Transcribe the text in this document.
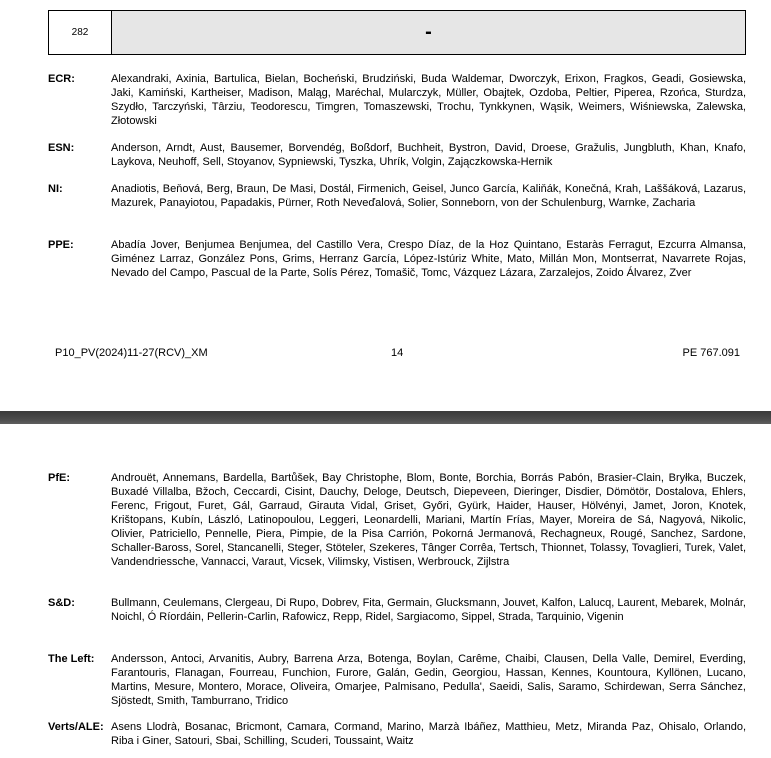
282	-
ECR:	Alexandraki, Axinia, Bartulica, Bielan, Bocheński, Brudziński, Buda Waldemar, Dworczyk, Erixon, Fragkos, Geadi, Gosiewska, Jaki, Kamiński, Kartheiser, Madison, Maląg, Maréchal, Mularczyk, Müller, Obajtek, Ozdoba, Peltier, Piperea, Rzońca, Sturdza, Szydło, Tarczyński, Târziu, Teodorescu, Timgren, Tomaszewski, Trochu, Tynkkynen, Wąsik, Weimers, Wiśniewska, Zalewska, Złotowski
ESN:	Anderson, Arndt, Aust, Bausemer, Borvendég, Boßdorf, Buchheit, Bystron, David, Droese, Gražulis, Jungbluth, Khan, Knafo, Laykova, Neuhoff, Sell, Stoyanov, Sypniewski, Tyszka, Uhrík, Volgin, Zajączkowska-Hernik
NI:	Anadiotis, Beňová, Berg, Braun, De Masi, Dostál, Firmenich, Geisel, Junco García, Kaliňák, Konečná, Krah, Laššáková, Lazarus, Mazurek, Panayiotou, Papadakis, Pürner, Roth Neveďalová, Solier, Sonneborn, von der Schulenburg, Warnke, Zacharia
PPE:	Abadía Jover, Benjumea Benjumea, del Castillo Vera, Crespo Díaz, de la Hoz Quintano, Estaràs Ferragut, Ezcurra Almansa, Giménez Larraz, González Pons, Grims, Herranz García, López-Istúriz White, Mato, Millán Mon, Montserrat, Navarrete Rojas, Nevado del Campo, Pascual de la Parte, Solís Pérez, Tomašič, Tomc, Vázquez Lázara, Zarzalejos, Zoido Álvarez, Zver
P10_PV(2024)11-27(RCV)_XM	14	PE 767.091
PfE:	Androuët, Annemans, Bardella, Bartůšek, Bay Christophe, Blom, Bonte, Borchia, Borrás Pabón, Brasier-Clain, Bryłka, Buczek, Buxadé Villalba, Bžoch, Ceccardi, Cisint, Dauchy, Deloge, Deutsch, Diepeveen, Dieringer, Disdier, Dömötör, Dostalova, Ehlers, Ferenc, Frigout, Furet, Gál, Garraud, Girauta Vidal, Griset, Győri, Gyürk, Haider, Hauser, Hölvényi, Jamet, Joron, Knotek, Krištopans, Kubín, László, Latinopoulou, Leggeri, Leonardelli, Mariani, Martín Frías, Mayer, Moreira de Sá, Nagyová, Nikolic, Olivier, Patriciello, Pennelle, Piera, Pimpie, de la Pisa Carrión, Pokorná Jermanová, Rechagneux, Rougé, Sanchez, Sardone, Schaller-Baross, Sorel, Stancanelli, Steger, Stöteler, Szekeres, Tânger Corrêa, Tertsch, Thionnet, Tolassy, Tovaglieri, Turek, Valet, Vandendriessche, Vannacci, Varaut, Vicsek, Vilimsky, Vistisen, Werbrouck, Zijlstra
S&D:	Bullmann, Ceulemans, Clergeau, Di Rupo, Dobrev, Fita, Germain, Glucksmann, Jouvet, Kalfon, Lalucq, Laurent, Mebarek, Molnár, Noichl, Ó Ríordáin, Pellerin-Carlin, Rafowicz, Repp, Ridel, Sargiacomo, Sippel, Strada, Tarquinio, Vigenin
The Left:	Andersson, Antoci, Arvanitis, Aubry, Barrena Arza, Botenga, Boylan, Carême, Chaibi, Clausen, Della Valle, Demirel, Everding, Farantouris, Flanagan, Fourreau, Funchion, Furore, Galán, Gedin, Georgiou, Hassan, Kennes, Kountoura, Kyllönen, Lucano, Martins, Mesure, Montero, Morace, Oliveira, Omarjee, Palmisano, Pedulla', Saeidi, Salis, Saramo, Schirdewan, Serra Sánchez, Sjöstedt, Smith, Tamburrano, Tridico
Verts/ALE: Asens Llodrà, Bosanac, Bricmont, Camara, Cormand, Marino, Marzà Ibáñez, Matthieu, Metz, Miranda Paz, Ohisalo, Orlando, Riba i Giner, Satouri, Sbai, Schilling, Scuderi, Toussaint, Waitz
